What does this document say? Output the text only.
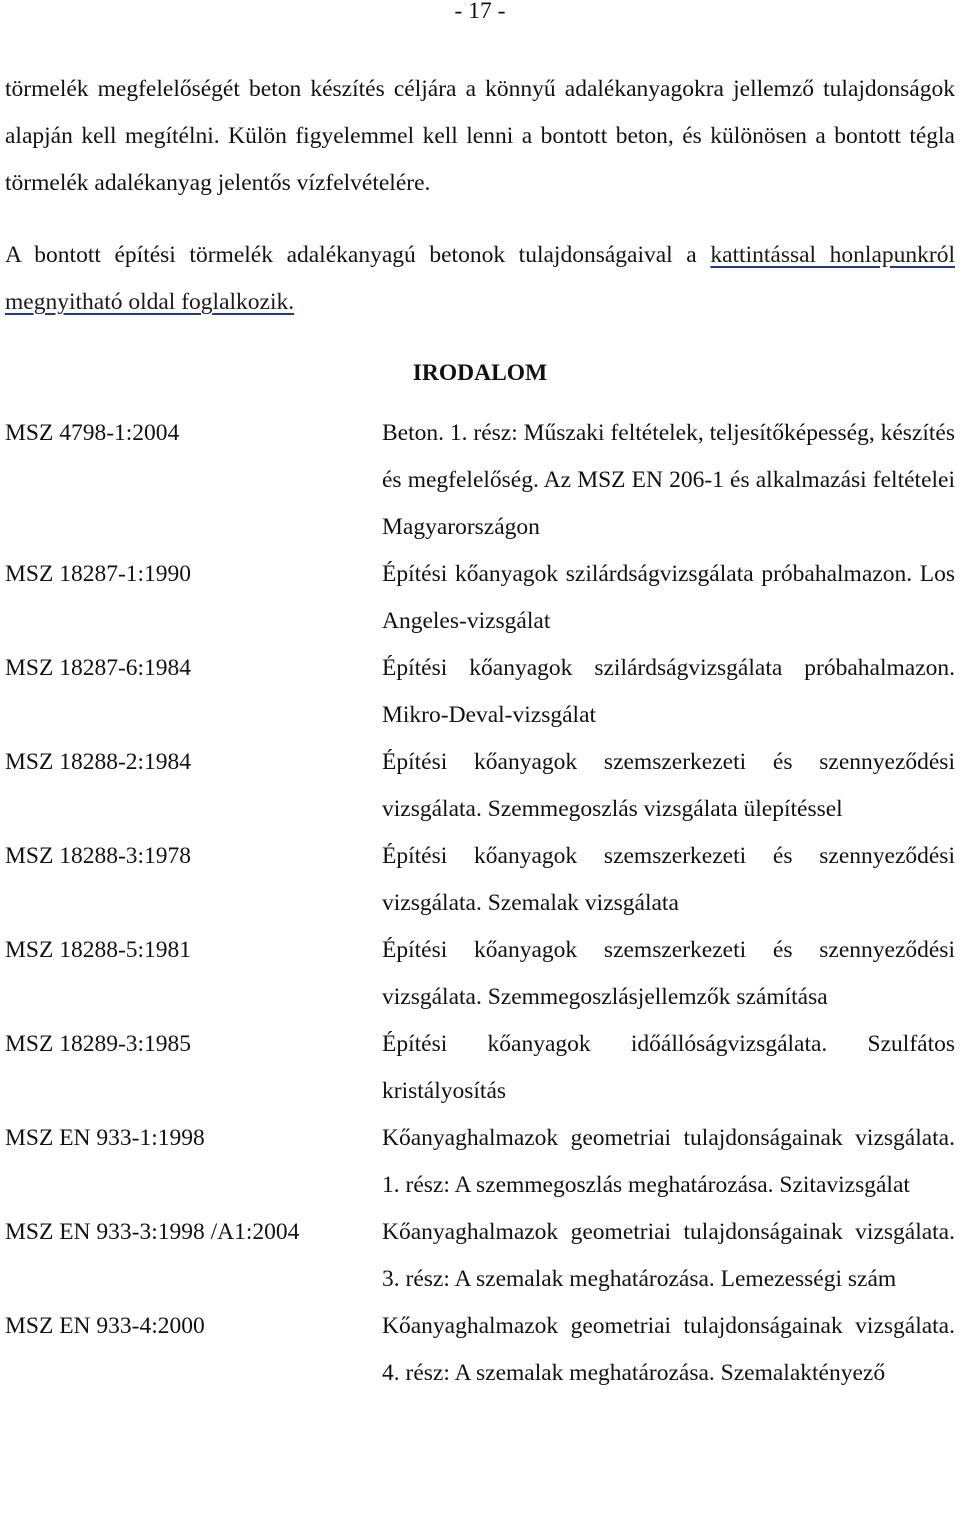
- 17 -

törmelék megfelelőségét beton készítés céljára a könnyű adalékanyagokra jellemző tulajdonságok alapján kell megítélni. Külön figyelemmel kell lenni a bontott beton, és különösen a bontott tégla törmelék adalékanyag jelentős vízfelvételére.

A bontott építési törmelék adalékanyagú betonok tulajdonságaival a kattintással honlapunkról megnyitható oldal foglalkozik.

IRODALOM
MSZ 4798-1:2004	Beton. 1. rész: Műszaki feltételek, teljesítőképesség, készítés és megfelelőség. Az MSZ EN 206-1 és alkalmazási feltételei Magyarországon
MSZ 18287-1:1990	Építési kőanyagok szilárdságvizsgálata próbahalmazon. Los Angeles-vizsgálat
MSZ 18287-6:1984	Építési kőanyagok szilárdságvizsgálata próbahalmazon. Mikro-Deval-vizsgálat
MSZ 18288-2:1984	Építési kőanyagok szemszerkezeti és szennyeződési vizsgálata. Szemmegoszlás vizsgálata ülepítéssel
MSZ 18288-3:1978	Építési kőanyagok szemszerkezeti és szennyeződési vizsgálata. Szemalak vizsgálata
MSZ 18288-5:1981	Építési kőanyagok szemszerkezeti és szennyeződési vizsgálata. Szemmegoszlásjellemzők számítása
MSZ 18289-3:1985	Építési kőanyagok időállóságvizsgálata. Szulfátos kristályosítás
MSZ EN 933-1:1998	Kőanyaghalmazok geometriai tulajdonságainak vizsgálata. 1. rész: A szemmegoszlás meghatározása. Szitavizsgálat
MSZ EN 933-3:1998 /A1:2004	Kőanyaghalmazok geometriai tulajdonságainak vizsgálata. 3. rész: A szemalak meghatározása. Lemezességi szám
MSZ EN 933-4:2000	Kőanyaghalmazok geometriai tulajdonságainak vizsgálata. 4. rész: A szemalak meghatározása. Szemalaktényező
